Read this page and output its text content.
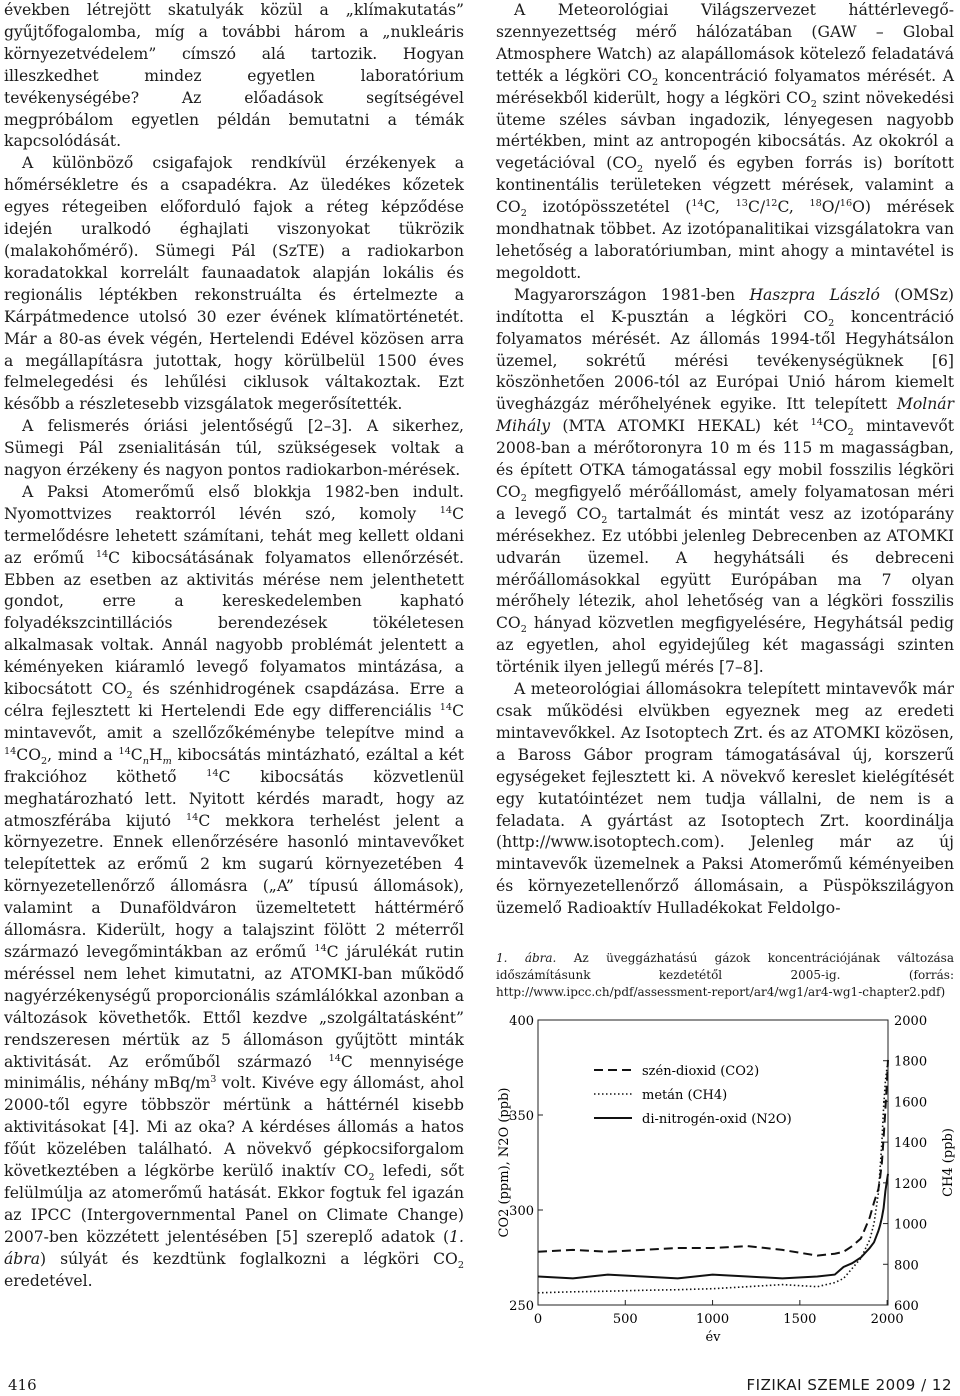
években létrejött skatulyák közül a „klímakutatás” gyűjtőfogalomba, míg a további három a „nukleáris környezetvédelem” címszó alá tartozik. Hogyan illeszkedhet mindez egyetlen laboratórium tevékenységébe? Az előadások segítségével megpróbálom egyetlen példán bemutatni a témák kapcsolódását.

A különböző csigafajok rendkívül érzékenyek a hőmérsékletre és a csapadékra. Az üledékes kőzetek egyes rétegeiben előforduló fajok a réteg képződése idején uralkodó éghajlati viszonyokat tükrözik (malakohőmérő). Sümegi Pál (SzTE) a radiokarbon koradatokkal korrelált faunaadatok alapján lokális és regionális léptékben rekonstruálta és értelmezte a Kárpátmedence utolsó 30 ezer évének klímatörténetét. Már a 80-as évek végén, Hertelendi Edével közösen arra a megállapításra jutottak, hogy körülbelül 1500 éves felmelegedési és lehűlési ciklusok váltakoztak. Ezt később a részletesebb vizsgálatok megerősítették.

A felismerés óriási jelentőségű [2–3]. A sikerhez, Sümegi Pál zsenialitásán túl, szükségesek voltak a nagyon érzékeny és nagyon pontos radiokarbon-mérések.

A Paksi Atomerőmű első blokkja 1982-ben indult. Nyomottvizes reaktorról lévén szó, komoly $^{14}$C termelődésre lehetett számítani, tehát meg kellett oldani az erőmű $^{14}$C kibocsátásának folyamatos ellenőrzését. Ebben az esetben az aktivitás mérése nem jelenthetett gondot, erre a kereskedelemben kapható folyadékszcintillációs berendezések tökéletesen alkalmasak voltak. Annál nagyobb problémát jelentett a kéményeken kiáramló levegő folyamatos mintázása, a kibocsátott $CO_2$ és szénhidrogének csapdázása. Erre a célra fejlesztett ki Hertelendi Ede egy differenciális $^{14}$C mintavevőt, amit a szellőzőkéménybe telepítve mind a $^{14}CO_2$, mind a $^{14}C_nH_m$ kibocsátás mintázható, ezáltal a két frakcióhoz köthető $^{14}$C kibocsátás közvetlenül meghatározható lett. Nyitott kérdés maradt, hogy az atmoszférába kijutó $^{14}$C mekkora terhelést jelent a környezetre. Ennek ellenőrzésére hasonló mintavevőket telepítettek az erőmű 2 km sugarú környezetében 4 környezetellenőrző állomásra („A” típusú állomások), valamint a Dunaföldváron üzemeltetett háttérmérő állomásra. Kiderült, hogy a talajszint fölött 2 méterről származó levegőmintákban az erőmű $^{14}$C járulékát rutin méréssel nem lehet kimutatni, az ATOMKI-ban működő nagyérzékenységű proporcionális számlálókkal azonban a változások követhetők. Ettől kezdve „szolgáltatásként” rendszeresen mértük az 5 állomáson gyűjtött minták aktivitását. Az erőműből származó $^{14}$C mennyisége minimális, néhány mBq/$m^3$ volt. Kivéve egy állomást, ahol 2000-től egyre többször mértünk a háttérnél kisebb aktivitásokat [4]. Mi az oka? A kérdéses állomás a hatos főút közelében található. A növekvő gépkocsiforgalom következtében a légkörbe kerülő inaktív $CO_2$ lefedi, sőt felülmúlja az atomerőmű hatását. Ekkor fogtuk fel igazán az IPCC (Intergovernmental Panel on Climate Change) 2007-ben közzétett jelentésében [5] szereplő adatok (1. ábra) súlyát és kezdtünk foglalkozni a légköri $CO_2$ eredetével.

A Meteorológiai Világszervezet háttérlevegő-szennyezettség mérő hálózatában (GAW – Global Atmosphere Watch) az alapállomások kötelező feladatává tették a légköri $CO_2$ koncentráció folyamatos mérését. A mérésekből kiderült, hogy a légköri $CO_2$ szint növekedési üteme széles sávban ingadozik, lényegesen nagyobb mértékben, mint az antropogén kibocsátás. Az okokról a vegetációval ($CO_2$ nyelő és egyben forrás is) borított kontinentális területeken végzett mérések, valamint a $CO_2$ izotópösszetétel ($^{14}$C, $^{13}$C/$^{12}$C, $^{18}$O/$^{16}$O) mérések mondhatnak többet. Az izotópanalitikai vizsgálatokra van lehetőség a laboratóriumban, mint ahogy a mintavétel is megoldott.

Magyarországon 1981-ben Haszpra László (OMSz) indította el K-pusztán a légköri $CO_2$ koncentráció folyamatos mérését. Az állomás 1994-től Hegyhátsálon üzemel, sokrétű mérési tevékenységüknek [6] köszönhetően 2006-tól az Európai Unió három kiemelt üvegházgáz mérőhelyének egyike. Itt telepített Molnár Mihály (MTA ATOMKI HEKAL) két $^{14}CO_2$ mintavevőt 2008-ban a mérőtoronyra 10 m és 115 m magasságban, és épített OTKA támogatással egy mobil fosszilis légköri $CO_2$ megfigyelő mérőállomást, amely folyamatosan méri a levegő $CO_2$ tartalmát és mintát vesz az izotóparány mérésekhez. Ez utóbbi jelenleg Debrecenben az ATOMKI udvarán üzemel. A hegyhátsáli és debreceni mérőállomásokkal együtt Európában ma 7 olyan mérőhely létezik, ahol lehetőség van a légköri fosszilis $CO_2$ hányad közvetlen megfigyelésére, Hegyhátsál pedig az egyetlen, ahol egyidejűleg két magassági szinten történik ilyen jellegű mérés [7–8].

A meteorológiai állomásokra telepített mintavevők már csak működési elvükben egyeznek meg az eredeti mintavevőkkel. Az Isotoptech Zrt. és az ATOMKI közösen, a Baross Gábor program támogatásával új, korszerű egységeket fejlesztett ki. A növekvő kereslet kielégítését egy kutatóintézet nem tudja vállalni, de nem is a feladata. A gyártást az Isotoptech Zrt. koordinálja (http://www.isotoptech.com). Jelenleg már az új mintavevők üzemelnek a Paksi Atomerőmű kéményeiben és környezetellenőrző állomásain, a Püspökszilágyon üzemelő Radioaktív Hulladékokat Feldolgo-

1. ábra. Az üveggázhatású gázok koncentrációjának változása időszámításunk kezdetétől 2005-ig. (forrás: http://www.ipcc.ch/pdf/assessment-report/ar4/wg1/ar4-wg1-chapter2.pdf)
0	500	1000	1500	2000
250
300
350
400
600
800
1000
1200
1400
1600
1800
2000
év
CO2 (ppm), N2O (ppb)	CH4 (ppb)
szén-dioxid (CO2)
metán (CH4)
di-nitrogén-oxid (N2O)
416	FIZIKAI SZEMLE 2009 / 12
